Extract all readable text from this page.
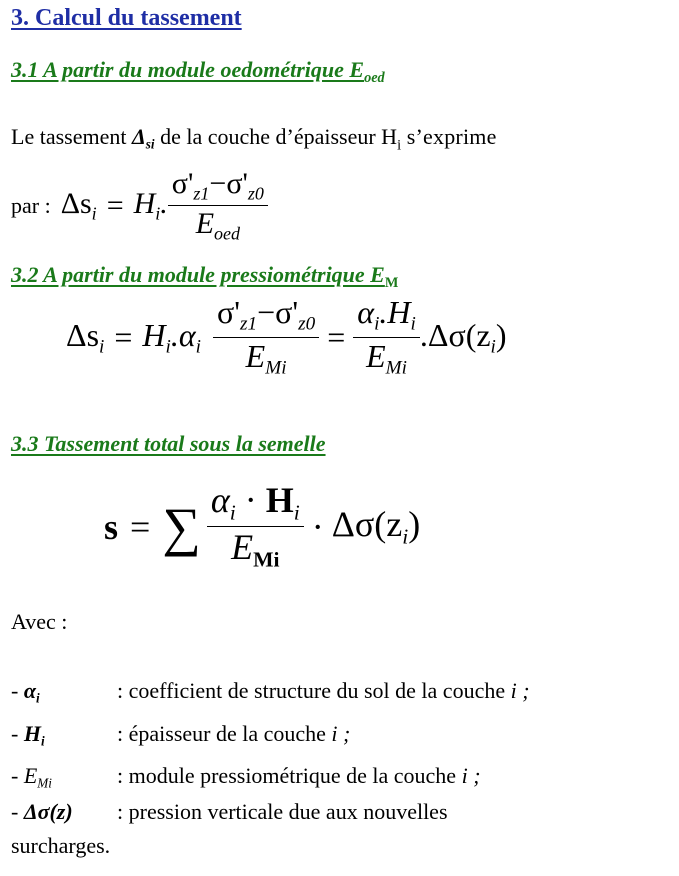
3. Calcul du tassement
3.1 A partir du module oedométrique $E_{oed}$
Le tassement $\Delta_{si}$ de la couche d’épaisseur $H_i$ s’exprime
par : $\Delta s_i = H_i$. $\frac{\sigma'_{z1}-\sigma'_{z0}}{E_{oed}}$
3.2 A partir du module pressiométrique $E_M$
$\Delta s_i = H_i.\alpha_i \frac{\sigma'_{z1}-\sigma'_{z0}}{E_{Mi}} = \frac{\alpha_i.H_i}{E_{Mi}} .\Delta\sigma(z_i)$
3.3 Tassement total sous la semelle
s = ∑ $\frac{\alpha_i \cdot H_i}{E_{Mi}} \cdot \Delta\sigma(z_i)$
Avec :
- $\alpha_i$	: coefficient de structure du sol de la couche i ;
- $H_i$	: épaisseur de la couche i ;
- $E_{Mi}$	: module pressiométrique de la couche i ;
- Δσ(z) : pression verticale due aux nouvelles
surcharges.
